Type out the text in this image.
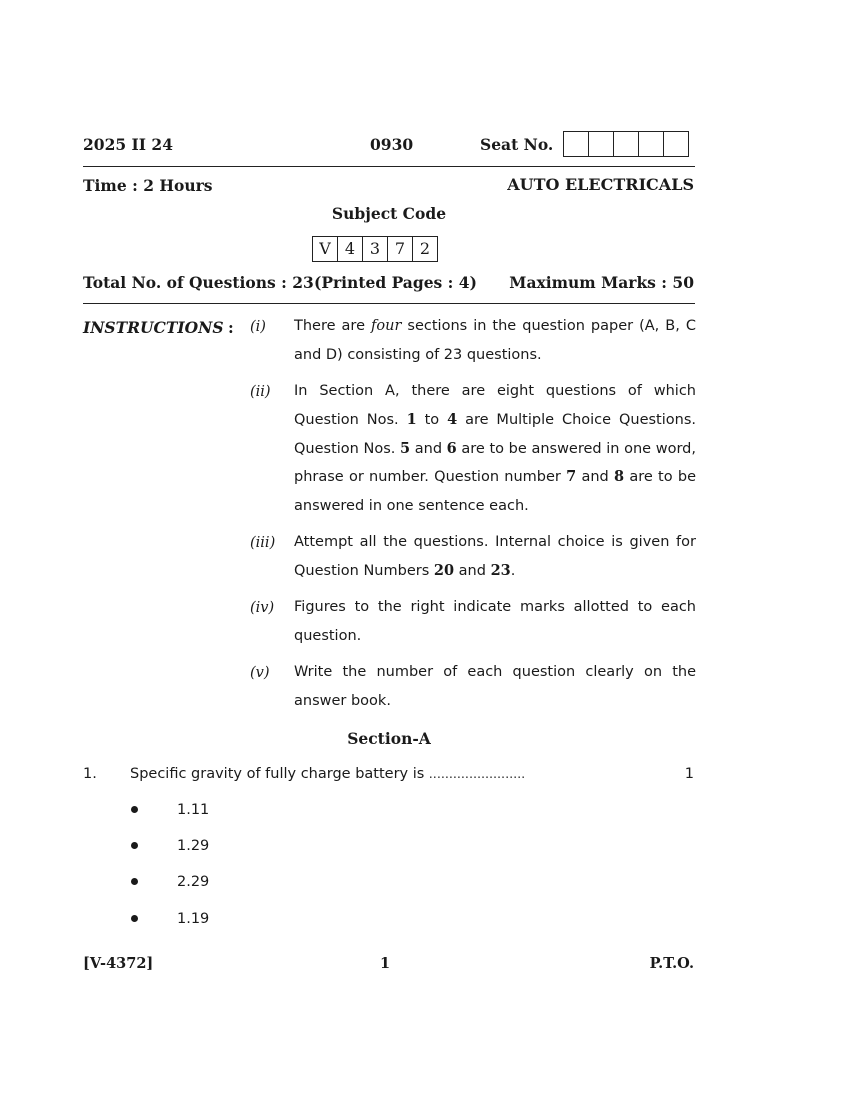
2025 II 24	0930	Seat No.
Time : 2 Hours	AUTO ELECTRICALS
Subject Code
V 4 3 7 2
Total No. of Questions : 23 (Printed Pages : 4) Maximum Marks : 50
INSTRUCTIONS : (i) There are four sections in the question paper (A, B, C and D) consisting of 23 questions.
(ii) In Section A, there are eight questions of which Question Nos. 1 to 4 are Multiple Choice Questions. Question Nos. 5 and 6 are to be answered in one word, phrase or number. Question number 7 and 8 are to be answered in one sentence each.
(iii) Attempt all the questions. Internal choice is given for Question Numbers 20 and 23.
(iv) Figures to the right indicate marks allotted to each question.
(v) Write the number of each question clearly on the answer book.
Section-A
1. Specific gravity of fully charge battery is ........................	1
1.11
1.29
2.29
1.19
[V-4372]	1	P.T.O.
